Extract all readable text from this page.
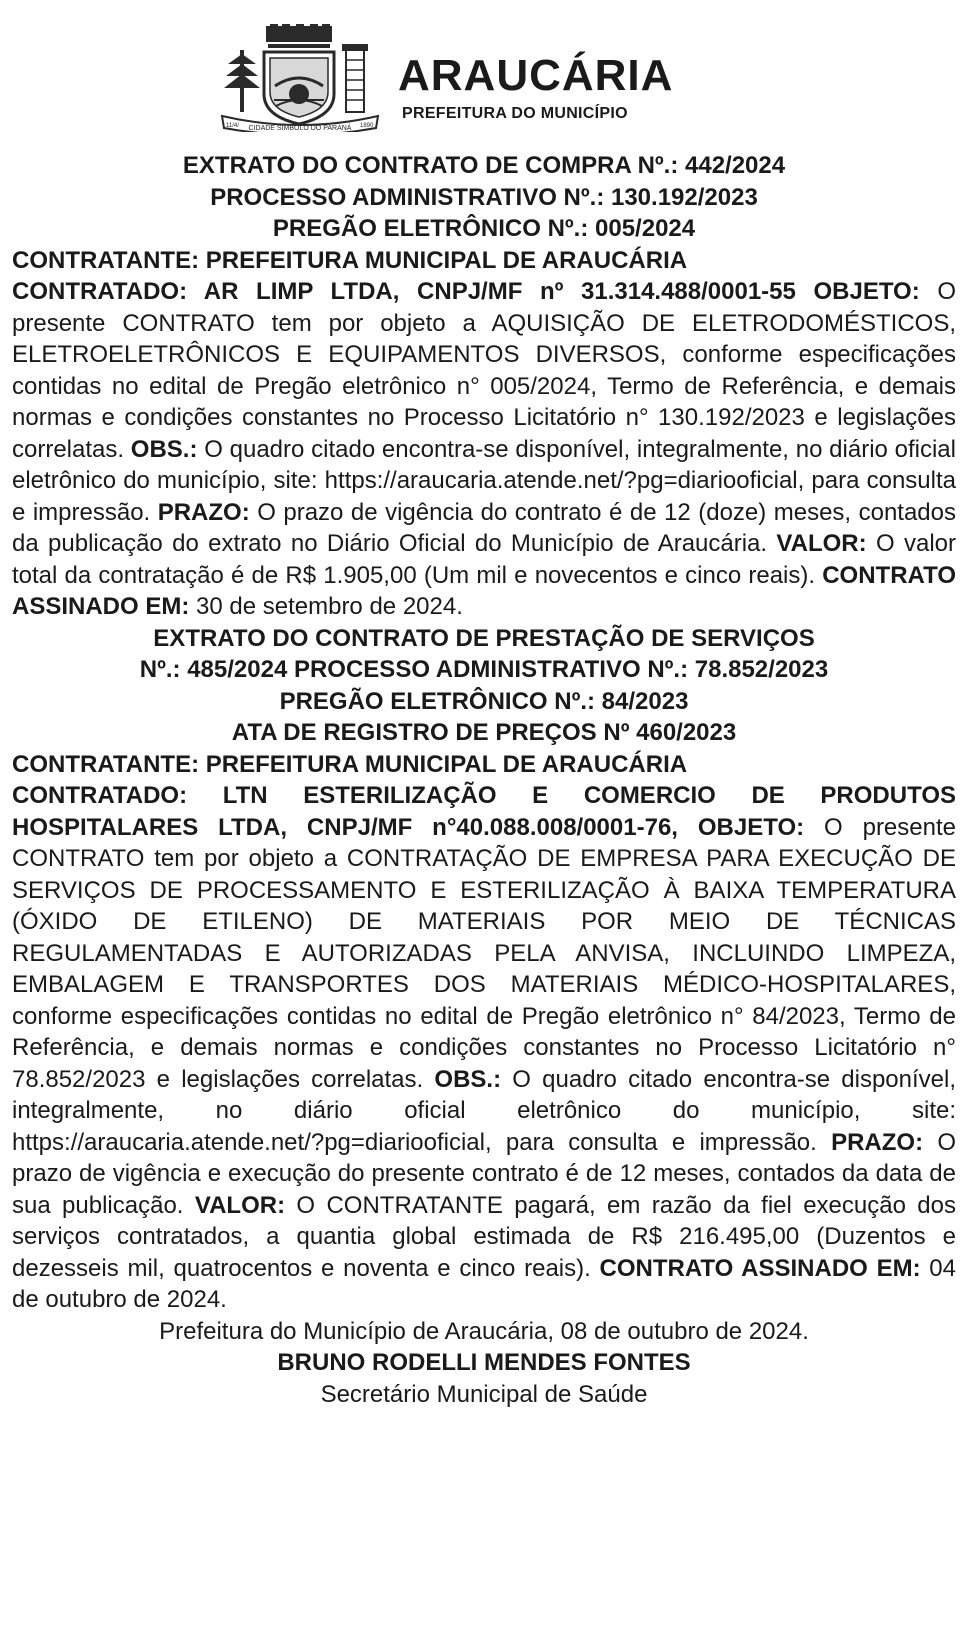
11/4/ CIDADE SÍMBOLO DO PARANÁ 1890
ARAUCÁRIA
PREFEITURA DO MUNICÍPIO

EXTRATO DO CONTRATO DE COMPRA Nº.: 442/2024

PROCESSO ADMINISTRATIVO Nº.: 130.192/2023

PREGÃO ELETRÔNICO Nº.: 005/2024

CONTRATANTE: PREFEITURA MUNICIPAL DE ARAUCÁRIA

CONTRATADO: AR LIMP LTDA, CNPJ/MF nº 31.314.488/0001-55 OBJETO: O presente CONTRATO tem por objeto a AQUISIÇÃO DE ELETRODOMÉSTICOS, ELETROELETRÔNICOS E EQUIPAMENTOS DIVERSOS, conforme especificações contidas no edital de Pregão eletrônico n° 005/2024, Termo de Referência, e demais normas e condições constantes no Processo Licitatório n° 130.192/2023 e legislações correlatas. OBS.: O quadro citado encontra-se disponível, integralmente, no diário oficial eletrônico do município, site: https://araucaria.atende.net/?pg=diariooficial, para consulta e impressão. PRAZO: O prazo de vigência do contrato é de 12 (doze) meses, contados da publicação do extrato no Diário Oficial do Município de Araucária. VALOR: O valor total da contratação é de R$ 1.905,00 (Um mil e novecentos e cinco reais). CONTRATO ASSINADO EM: 30 de setembro de 2024.

EXTRATO DO CONTRATO DE PRESTAÇÃO DE SERVIÇOS

Nº.: 485/2024 PROCESSO ADMINISTRATIVO Nº.: 78.852/2023

PREGÃO ELETRÔNICO Nº.: 84/2023

ATA DE REGISTRO DE PREÇOS Nº 460/2023

CONTRATANTE: PREFEITURA MUNICIPAL DE ARAUCÁRIA

CONTRATADO: LTN ESTERILIZAÇÃO E COMERCIO DE PRODUTOS HOSPITALARES LTDA, CNPJ/MF n°40.088.008/0001-76, OBJETO: O presente CONTRATO tem por objeto a CONTRATAÇÃO DE EMPRESA PARA EXECUÇÃO DE SERVIÇOS DE PROCESSAMENTO E ESTERILIZAÇÃO À BAIXA TEMPERATURA (ÓXIDO DE ETILENO) DE MATERIAIS POR MEIO DE TÉCNICAS REGULAMENTADAS E AUTORIZADAS PELA ANVISA, INCLUINDO LIMPEZA, EMBALAGEM E TRANSPORTES DOS MATERIAIS MÉDICO-HOSPITALARES, conforme especificações contidas no edital de Pregão eletrônico n° 84/2023, Termo de Referência, e demais normas e condições constantes no Processo Licitatório n° 78.852/2023 e legislações correlatas. OBS.: O quadro citado encontra-se disponível, integralmente, no diário oficial eletrônico do município, site: https://araucaria.atende.net/?pg=diariooficial, para consulta e impressão. PRAZO: O prazo de vigência e execução do presente contrato é de 12 meses, contados da data de sua publicação. VALOR: O CONTRATANTE pagará, em razão da fiel execução dos serviços contratados, a quantia global estimada de R$ 216.495,00 (Duzentos e dezesseis mil, quatrocentos e noventa e cinco reais). CONTRATO ASSINADO EM: 04 de outubro de 2024.

Prefeitura do Município de Araucária, 08 de outubro de 2024.

BRUNO RODELLI MENDES FONTES

Secretário Municipal de Saúde
